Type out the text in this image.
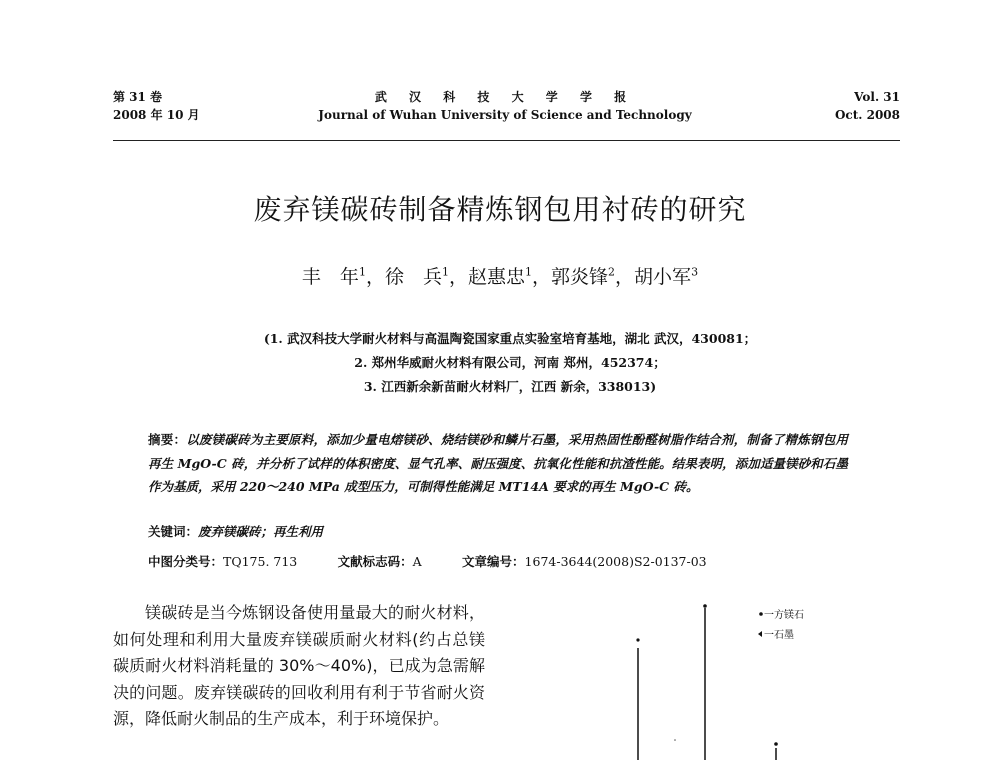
第 31 卷
2008 年 10 月
武 汉 科 技 大 学 学 报
Journal of Wuhan University of Science and Technology
Vol. 31
Oct. 2008
废弃镁碳砖制备精炼钢包用衬砖的研究
丰　年$^1$，徐　兵$^1$，赵惠忠$^1$，郭炎锋$^2$，胡小军$^3$
(1. 武汉科技大学耐火材料与高温陶瓷国家重点实验室培育基地，湖北 武汉，430081；
2. 郑州华威耐火材料有限公司，河南 郑州，452374；
3. 江西新余新苗耐火材料厂，江西 新余，338013)
摘要：以废镁碳砖为主要原料，添加少量电熔镁砂、烧结镁砂和鳞片石墨，采用热固性酚醛树脂作结合剂，制备了精炼钢包用再生 MgO-C 砖，并分析了试样的体积密度、显气孔率、耐压强度、抗氧化性能和抗渣性能。结果表明，添加适量镁砂和石墨作为基质，采用 220～240 MPa 成型压力，可制得性能满足 MT14A 要求的再生 MgO-C 砖。
关键词：废弃镁碳砖；再生利用
中图分类号：TQ175. 713	文献标志码：A	文章编号：1674-3644(2008)S2-0137-03
镁碳砖是当今炼钢设备使用量最大的耐火材料，如何处理和利用大量废弃镁碳质耐火材料(约占总镁碳质耐火材料消耗量的 30%～40%)，已成为急需解决的问题。废弃镁碳砖的回收利用有利于节省耐火资源，降低耐火制品的生产成本，利于环境保护。
一方镁石
一石墨
